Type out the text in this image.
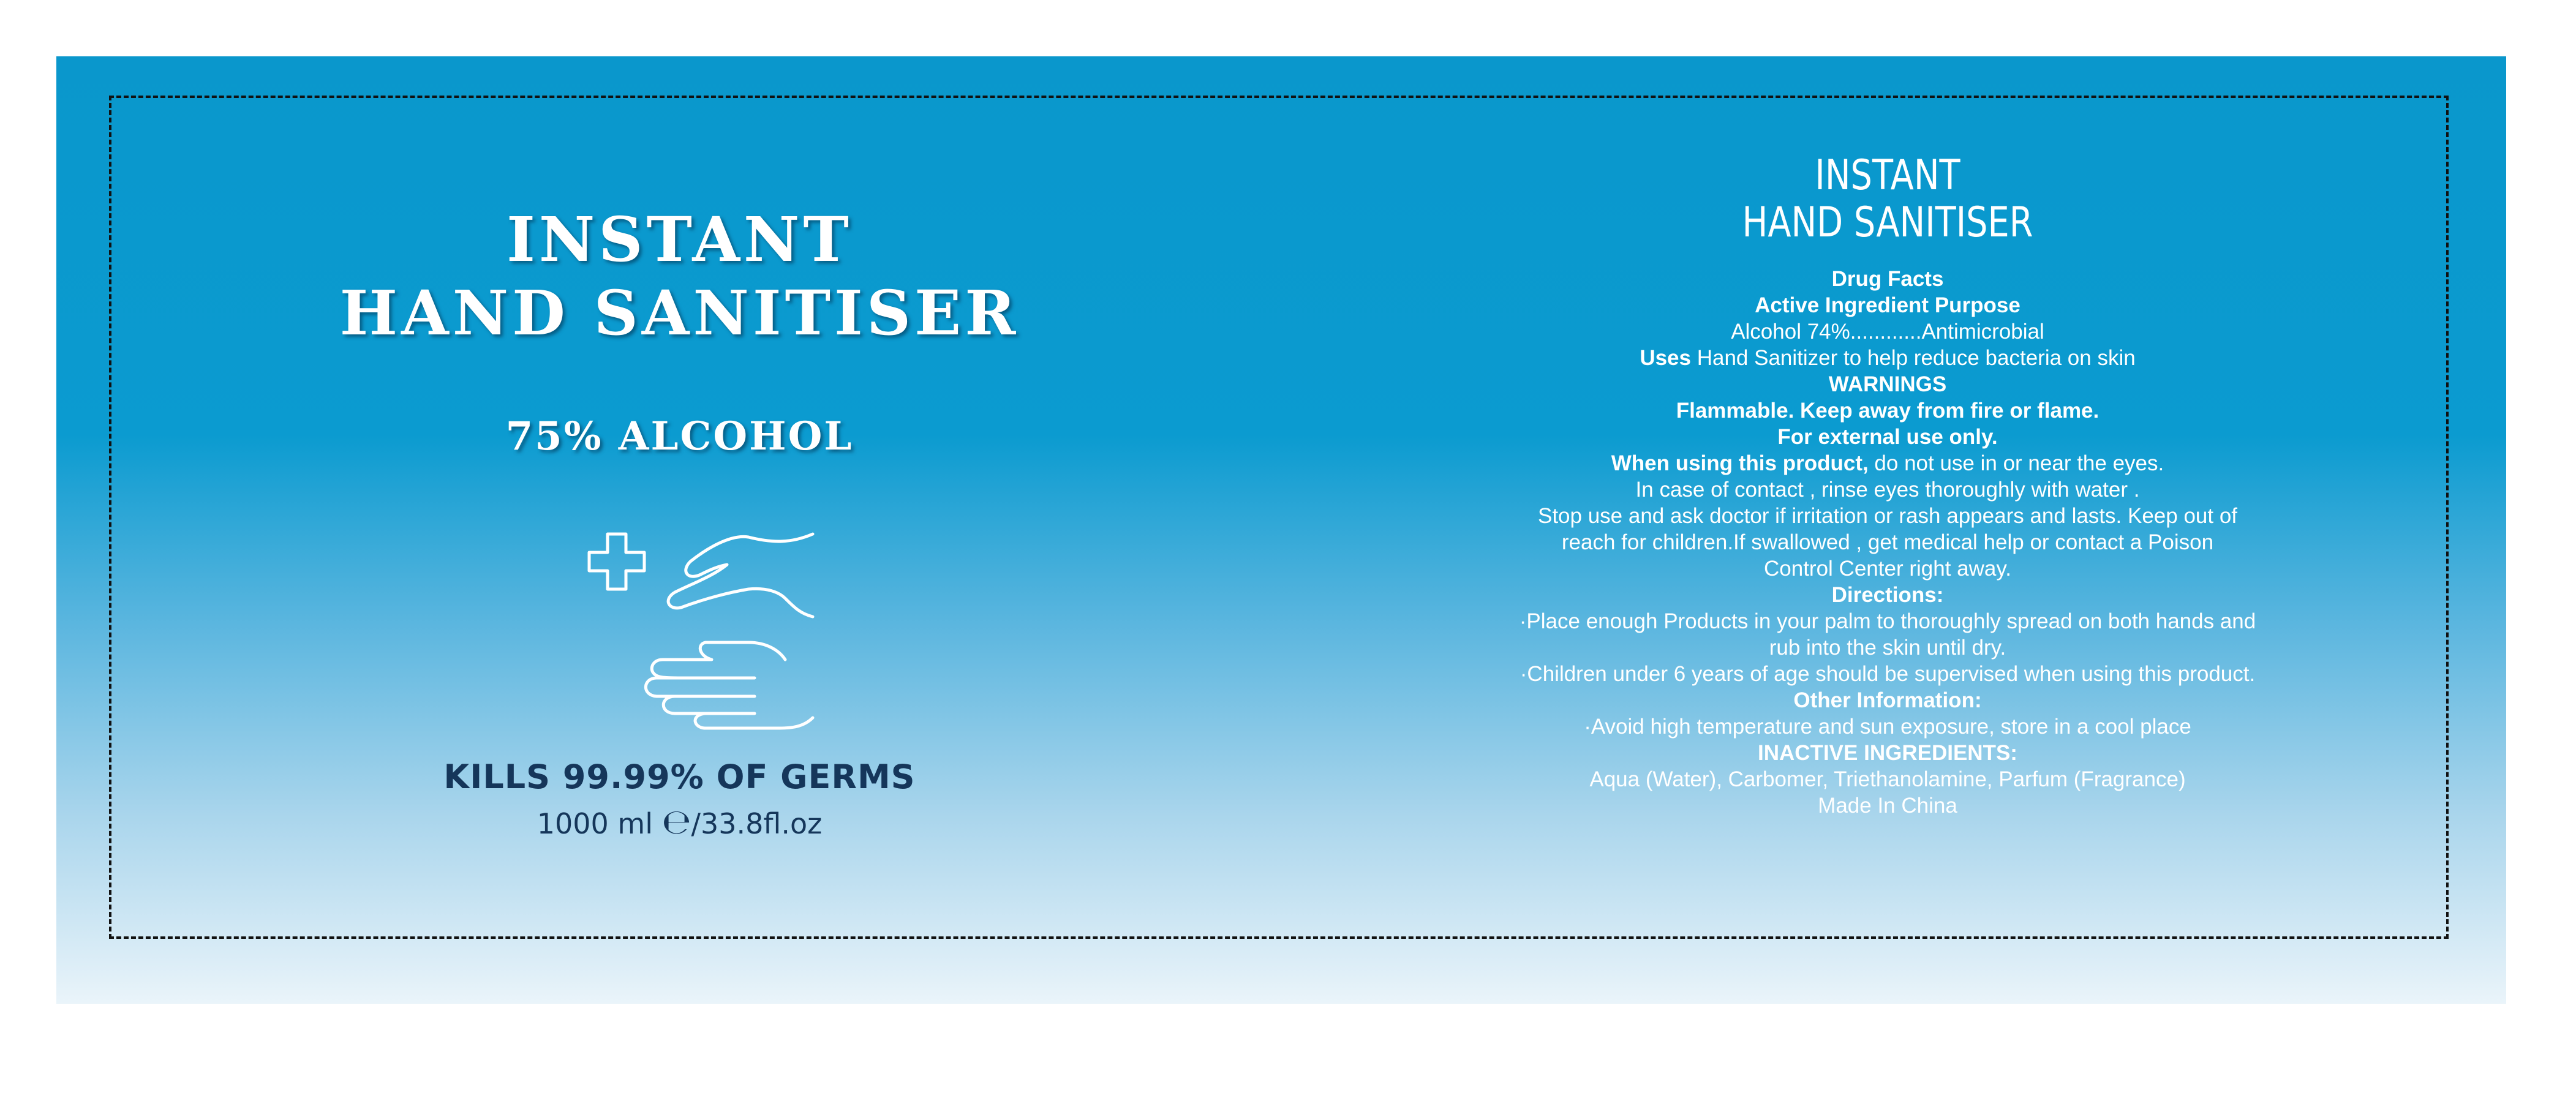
INSTANT
HAND SANITISER
75% ALCOHOL
KILLS 99.99% OF GERMS
1000 ml ℮/33.8fl.oz
INSTANT
HAND SANITISER
Drug Facts
Active Ingredient Purpose
Alcohol 74%............Antimicrobial
Uses Hand Sanitizer to help reduce bacteria on skin
WARNINGS
Flammable. Keep away from fire or flame.
For external use only.
When using this product, do not use in or near the eyes.
In case of contact , rinse eyes thoroughly with water .
Stop use and ask doctor if irritation or rash appears and lasts. Keep out of
reach for children.If swallowed , get medical help or contact a Poison
Control Center right away.
Directions:
·Place enough Products in your palm to thoroughly spread on both hands and
rub into the skin until dry.
·Children under 6 years of age should be supervised when using this product.
Other Information:
·Avoid high temperature and sun exposure, store in a cool place
INACTIVE INGREDIENTS:
Aqua (Water), Carbomer, Triethanolamine, Parfum (Fragrance)
Made In China
